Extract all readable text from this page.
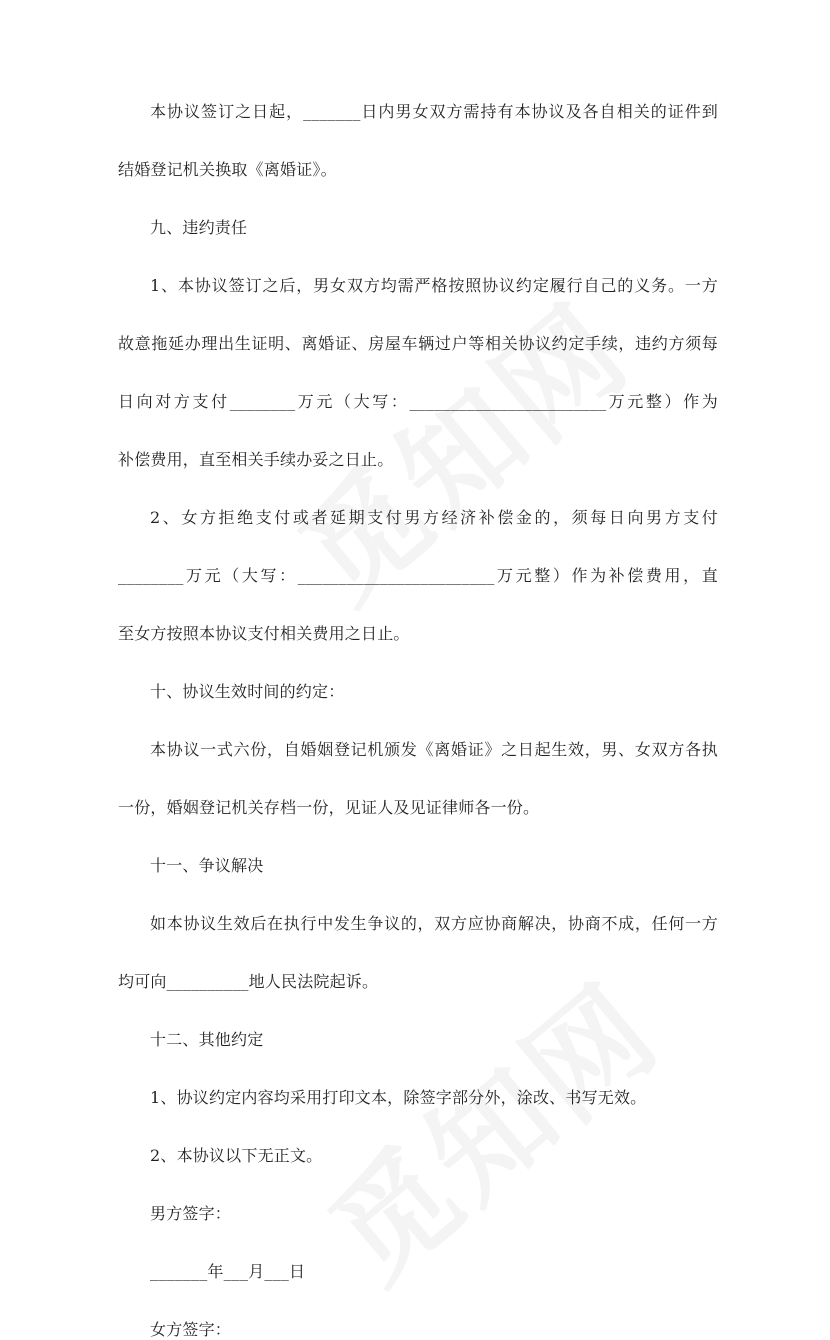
本协议签订之日起，_______日内男女双方需持有本协议及各自相关的证件到

结婚登记机关换取《离婚证》。

九、违约责任

1、本协议签订之后，男女双方均需严格按照协议约定履行自己的义务。一方

故意拖延办理出生证明、离婚证、房屋车辆过户等相关协议约定手续，违约方须每

日向对方支付________万元（大写：________________________万元整）作为

补偿费用，直至相关手续办妥之日止。

2、女方拒绝支付或者延期支付男方经济补偿金的，须每日向男方支付

________万元（大写：________________________万元整）作为补偿费用，直

至女方按照本协议支付相关费用之日止。

十、协议生效时间的约定：

本协议一式六份，自婚姻登记机颁发《离婚证》之日起生效，男、女双方各执

一份，婚姻登记机关存档一份，见证人及见证律师各一份。

十一、争议解决

如本协议生效后在执行中发生争议的，双方应协商解决，协商不成，任何一方

均可向__________地人民法院起诉。

十二、其他约定

1、协议约定内容均采用打印文本，除签字部分外，涂改、书写无效。

2、本协议以下无正文。

男方签字：

_______年___月___日

女方签字：
